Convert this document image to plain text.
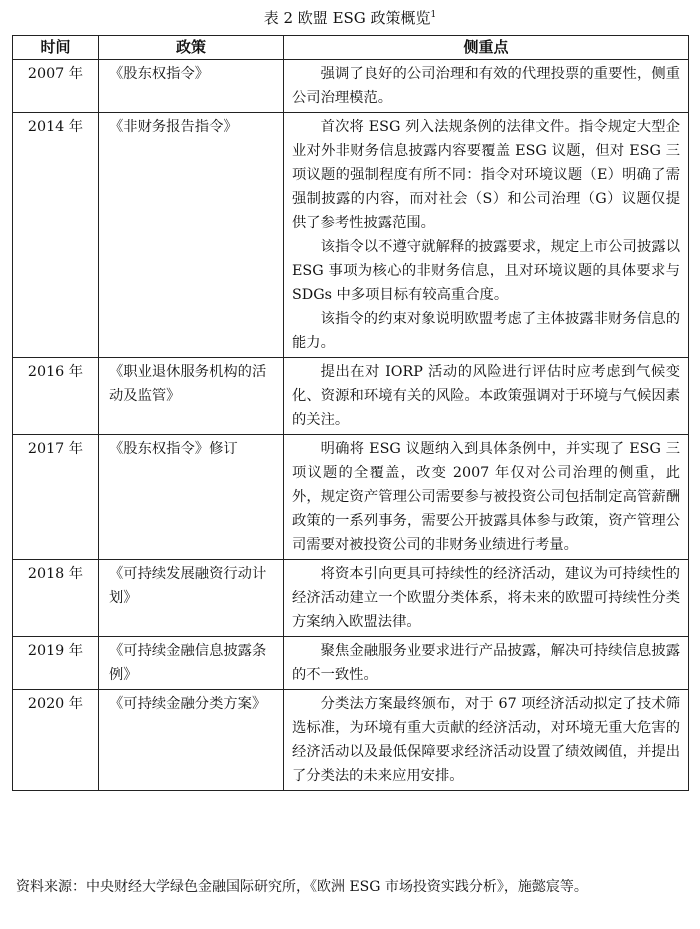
表 2 欧盟 ESG 政策概览$^1$
时间	政策	侧重点
2007 年	《股东权指令》	强调了良好的公司治理和有效的代理投票的重要性，侧重公司治理模范。

2014 年	《非财务报告指令》	首次将 ESG 列入法规条例的法律文件。指令规定大型企业对外非财务信息披露内容要覆盖 ESG 议题，但对 ESG 三项议题的强制程度有所不同：指令对环境议题（E）明确了需强制披露的内容，而对社会（S）和公司治理（G）议题仅提供了参考性披露范围。

该指令以不遵守就解释的披露要求，规定上市公司披露以 ESG 事项为核心的非财务信息，且对环境议题的具体要求与 SDGs 中多项目标有较高重合度。

该指令的约束对象说明欧盟考虑了主体披露非财务信息的能力。

2016 年	《职业退休服务机构的活动及监管》	提出在对 IORP 活动的风险进行评估时应考虑到气候变化、资源和环境有关的风险。本政策强调对于环境与气候因素的关注。

2017 年	《股东权指令》修订	明确将 ESG 议题纳入到具体条例中，并实现了 ESG 三项议题的全覆盖，改变 2007 年仅对公司治理的侧重，此外，规定资产管理公司需要参与被投资公司包括制定高管薪酬政策的一系列事务，需要公开披露具体参与政策，资产管理公司需要对被投资公司的非财务业绩进行考量。

2018 年	《可持续发展融资行动计划》	将资本引向更具可持续性的经济活动，建议为可持续性的经济活动建立一个欧盟分类体系，将未来的欧盟可持续性分类方案纳入欧盟法律。

2019 年	《可持续金融信息披露条例》	聚焦金融服务业要求进行产品披露，解决可持续信息披露的不一致性。

2020 年	《可持续金融分类方案》	分类法方案最终颁布，对于 67 项经济活动拟定了技术筛选标准，为环境有重大贡献的经济活动，对环境无重大危害的经济活动以及最低保障要求经济活动设置了绩效阈值，并提出了分类法的未来应用安排。

资料来源：中央财经大学绿色金融国际研究所，《欧洲 ESG 市场投资实践分析》，施懿宸等。
